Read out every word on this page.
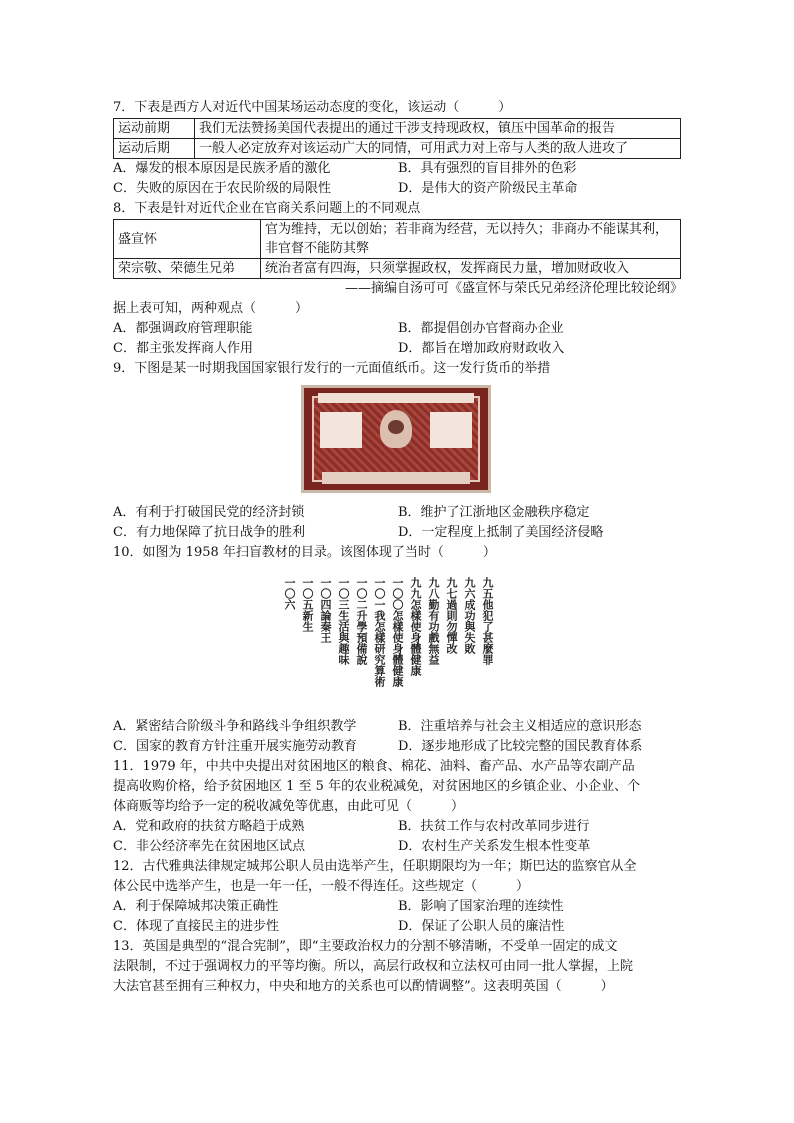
7．下表是西方人对近代中国某场运动态度的变化，该运动（　　　）
运动前期	我们无法赞扬美国代表提出的通过干涉支持现政权，镇压中国革命的报告
运动后期	一般人必定放弃对该运动广大的同情，可用武力对上帝与人类的敌人进攻了
A．爆发的根本原因是民族矛盾的激化	B．具有强烈的盲目排外的色彩
C．失败的原因在于农民阶级的局限性	D．是伟大的资产阶级民主革命
8．下表是针对近代企业在官商关系问题上的不同观点
盛宣怀	官为维持，无以创始；若非商为经营，无以持久；非商办不能谋其利，非官督不能防其弊
荣宗敬、荣德生兄弟	统治者富有四海，只须掌握政权，发挥商民力量，增加财政收入
——摘编自汤可可《盛宣怀与荣氏兄弟经济伦理比较论纲》
据上表可知，两种观点（　　　）
A．都强调政府管理职能	B．都提倡创办官督商办企业
C．都主张发挥商人作用	D．都旨在增加政府财政收入
9．下图是某一时期我国国家银行发行的一元面值纸币。这一发行货币的举措
A．有利于打破国民党的经济封锁	B．维护了江浙地区金融秩序稳定
C．有力地保障了抗日战争的胜利	D．一定程度上抵制了美国经济侵略
10．如图为 1958 年扫盲教材的目录。该图体现了当时（　　　）
九五他犯了甚麼罪
九六成功與失敗
九七過則勿憚改
九八勤有功戲無益
九九怎樣使身體健康
一〇〇怎樣使身體健康
一〇一我怎樣研究算術
一〇二升學預備說
一〇三生活與趣味
一〇四論秦王
一〇五新生
一〇六
A．紧密结合阶级斗争和路线斗争组织教学	B．注重培养与社会主义相适应的意识形态
C．国家的教育方针注重开展实施劳动教育	D．逐步地形成了比较完整的国民教育体系
11．1979 年，中共中央提出对贫困地区的粮食、棉花、油料、畜产品、水产品等农副产品
提高收购价格，给予贫困地区 1 至 5 年的农业税减免，对贫困地区的乡镇企业、小企业、个
体商贩等均给予一定的税收减免等优惠，由此可见（　　　）
A．党和政府的扶贫方略趋于成熟	B．扶贫工作与农村改革同步进行
C．非公经济率先在贫困地区试点	D．农村生产关系发生根本性变革
12．古代雅典法律规定城邦公职人员由选举产生，任职期限均为一年；斯巴达的监察官从全
体公民中选举产生，也是一年一任，一般不得连任。这些规定（　　　）
A．利于保障城邦决策正确性	B．影响了国家治理的连续性
C．体现了直接民主的进步性	D．保证了公职人员的廉洁性
13．英国是典型的“混合宪制”，即“主要政治权力的分割不够清晰，不受单一固定的成文
法限制，不过于强调权力的平等均衡。所以，高层行政权和立法权可由同一批人掌握，上院
大法官甚至拥有三种权力，中央和地方的关系也可以酌情调整”。这表明英国（　　　）
